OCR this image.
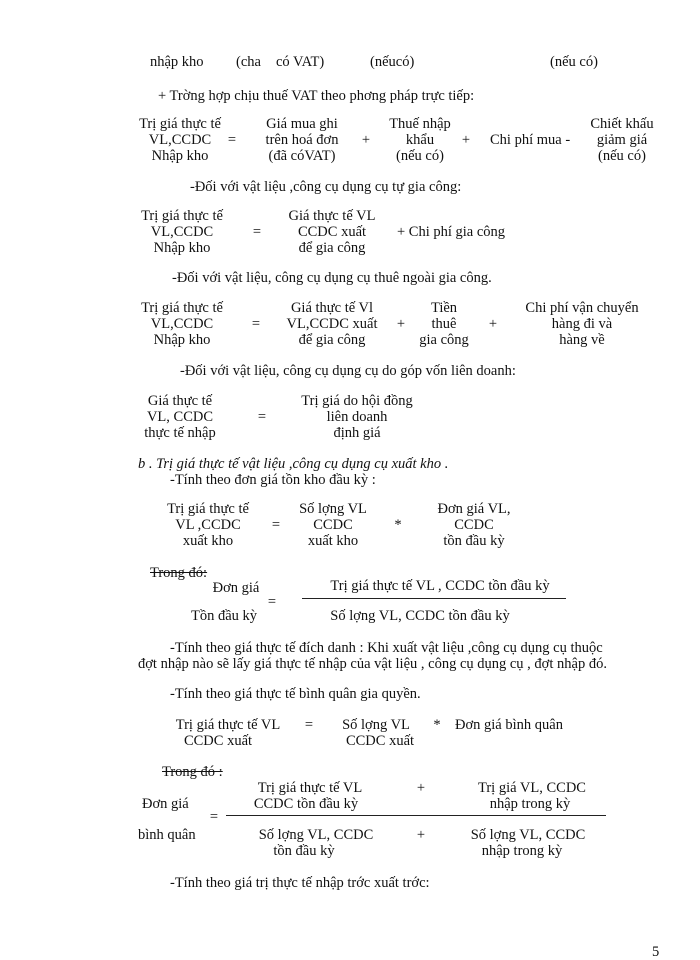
nhập kho (cha có VAT)	(nếucó)	(nếu có)
+ Trờng hợp chịu thuế VAT theo phơng pháp trực tiếp:
Trị giá thực tế
VL,CCDC
Nhập kho
=
Giá mua ghi
trên hoá đơn
(đã cóVAT)
+
Thuế nhập
khẩu
(nếu có)
+ Chi phí mua -
Chiết khấu
giảm giá
(nếu có)
-Đối với vật liệu ,công cụ dụng cụ tự gia công:
Trị giá thực tế
VL,CCDC
Nhập kho
=
Giá thực tế VL
CCDC xuất
để gia công
+ Chi phí gia công
-Đối với vật liệu, công cụ dụng cụ thuê ngoài gia công.
Trị giá thực tế
VL,CCDC
Nhập kho
=
Giá thực tế Vl
VL,CCDC xuất
để gia công
+
Tiền
thuê
gia công
+
Chi phí vận chuyển
hàng đi và
hàng về
-Đối với vật liệu, công cụ dụng cụ do góp vốn liên doanh:
Giá thực tế
VL, CCDC
thực tế nhập
=
Trị giá do hội đồng
liên doanh
định giá
b . Trị giá thực tế vật liệu ,công cụ dụng cụ xuất kho .
-Tính theo đơn giá tồn kho đầu kỳ :
Trị giá thực tế
VL ,CCDC
xuất kho
=
Số lợng VL
CCDC
xuất kho
*
Đơn giá VL,
CCDC
tồn đầu kỳ
Trong đó:
Đơn giá
Tồn đầu kỳ
=
Trị giá thực tế VL , CCDC tồn đầu kỳ
Số lợng VL, CCDC tồn đầu kỳ
-Tính theo giá thực tế đích danh : Khi xuất vật liệu ,công cụ dụng cụ thuộc
đợt nhập nào sẽ lấy giá thực tế nhập của vật liệu , công cụ dụng cụ , đợt nhập đó.
-Tính theo giá thực tế bình quân gia quyền.
Trị giá thực tế VL
CCDC xuất
= Số lợng VL
CCDC xuất
* Đơn giá bình quân
Trong đó :
Đơn giá
=
bình quân
Trị giá thực tế VL
CCDC tồn đầu kỳ
+	Trị giá VL, CCDC
nhập trong kỳ
Số lợng VL, CCDC
tồn đầu kỳ
+	Số lợng VL, CCDC
nhập trong kỳ
-Tính theo giá trị thực tế nhập trớc xuất trớc:
5
